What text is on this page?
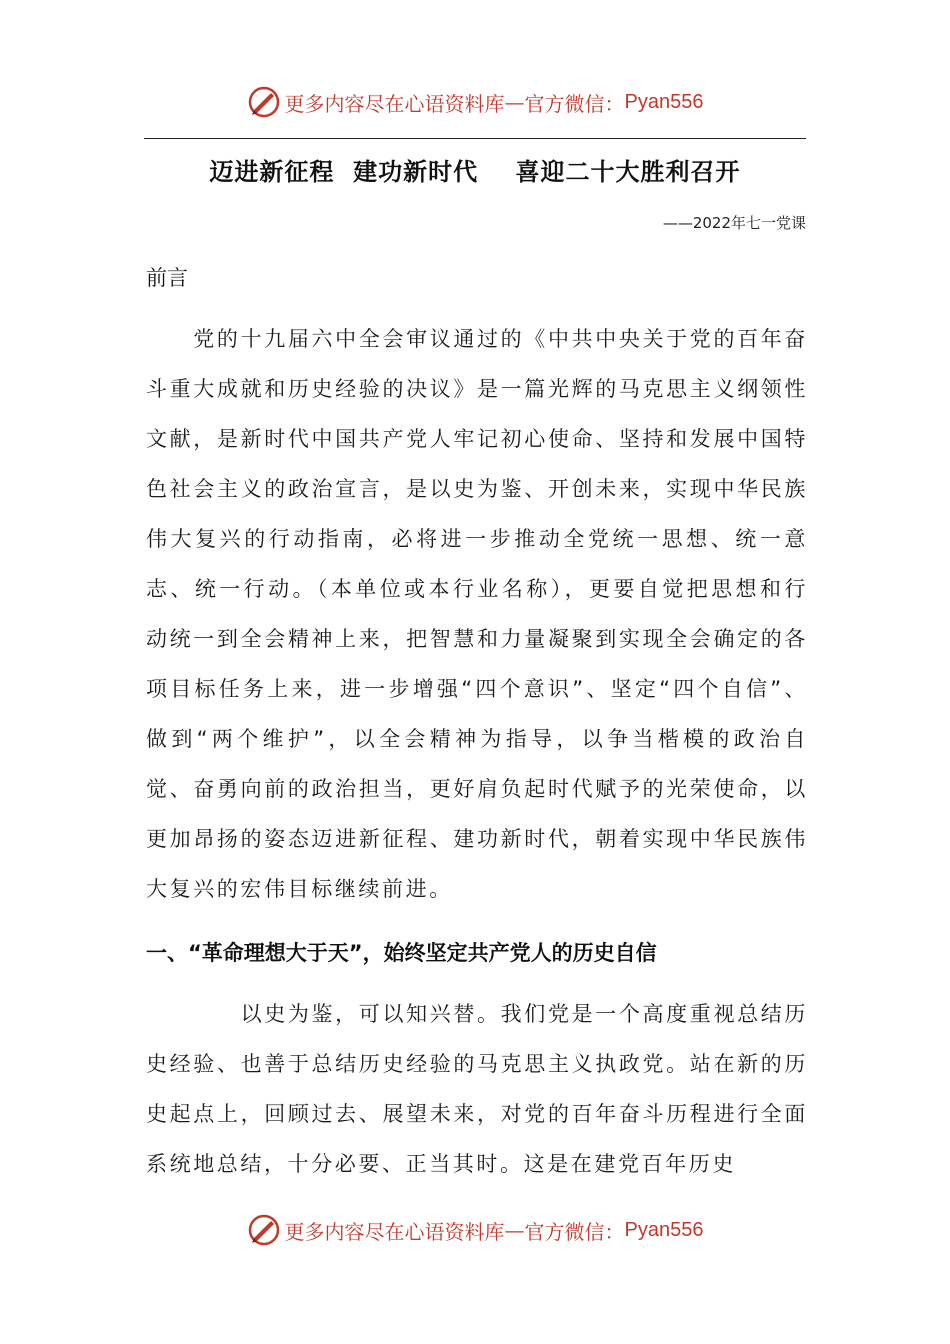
更多内容尽在心语资料库 — 官方微信： Pyan556
迈进新征程  建功新时代    喜迎二十大胜利召开
——2022年七一党课
前言
　　党的十九届六中全会审议通过的《中共中央关于党的百年奋斗重大成就和历史经验的决议》是一篇光辉的马克思主义纲领性文献，是新时代中国共产党人牢记初心使命、坚持和发展中国特色社会主义的政治宣言，是以史为鉴、开创未来，实现中华民族伟大复兴的行动指南，必将进一步推动全党统一思想、统一意志、统一行动。（本单位或本行业名称），更要自觉把思想和行动统一到全会精神上来，把智慧和力量凝聚到实现全会确定的各项目标任务上来，进一步增强“四个意识”、坚定“四个自信”、做到“两个维护”，以全会精神为指导，以争当楷模的政治自觉、奋勇向前的政治担当，更好肩负起时代赋予的光荣使命，以更加昂扬的姿态迈进新征程、建功新时代，朝着实现中华民族伟大复兴的宏伟目标继续前进。
一、“革命理想大于天”，始终坚定共产党人的历史自信
　　　　以史为鉴，可以知兴替。我们党是一个高度重视总结历史经验、也善于总结历史经验的马克思主义执政党。站在新的历史起点上，回顾过去、展望未来，对党的百年奋斗历程进行全面系统地总结，十分必要、正当其时。这是在建党百年历史
更多内容尽在心语资料库 — 官方微信： Pyan556
